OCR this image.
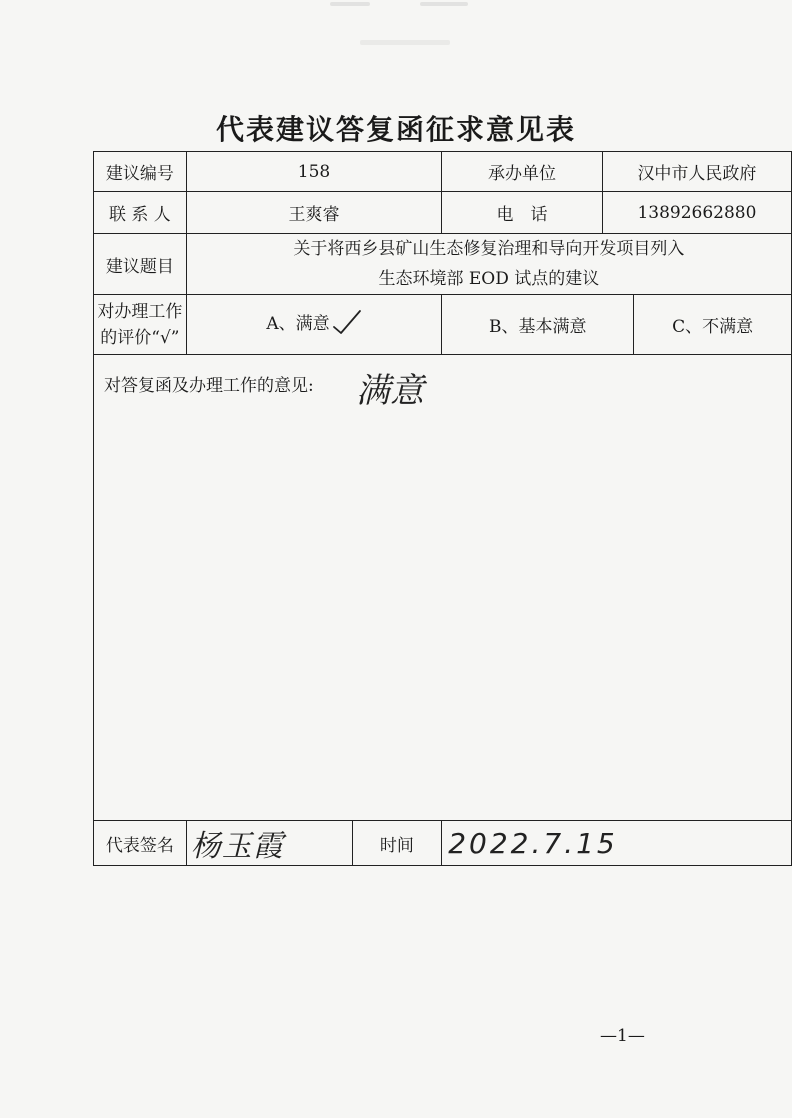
代表建议答复函征求意见表
建议编号	158		承办单位	汉中市人民政府	
联 系 人	王爽睿		电　话	13892662880	
建议题目	关于将西乡县矿山生态修复治理和导向开发项目列入
生态环境部 EOD 试点的建议				

对办理工作
的评价“√”	A、满意		B、基本满意		C、不满意

对答复函及办理工作的意见: 满意					

代表签名	杨玉霞	时间	2022.7.15		
—1—
